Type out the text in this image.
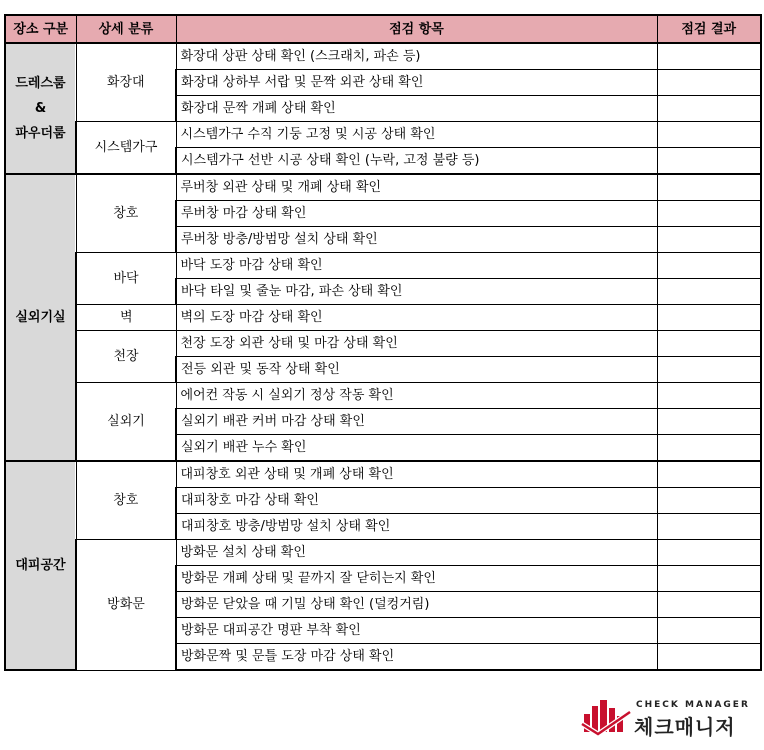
장소 구분	상세 분류	점검 항목	점검 결과
드레스룸
&
파우더룸	화장대	화장대 상판 상태 확인 (스크래치, 파손 등)	
		화장대 상하부 서랍 및 문짝 외관 상태 확인	
		화장대 문짝 개폐 상태 확인	
	시스템가구	시스템가구 수직 기둥 고정 및 시공 상태 확인	
		시스템가구 선반 시공 상태 확인 (누락, 고정 불량 등)	
실외기실	창호	루버창 외관 상태 및 개폐 상태 확인	
		루버창 마감 상태 확인	
		루버창 방충/방범망 설치 상태 확인	
	바닥	바닥 도장 마감 상태 확인	
		바닥 타일 및 줄눈 마감, 파손 상태 확인	
	벽	벽의 도장 마감 상태 확인	
	천장	천장 도장 외관 상태 및 마감 상태 확인	
		전등 외관 및 동작 상태 확인	
	실외기	에어컨 작동 시 실외기 정상 작동 확인	
		실외기 배관 커버 마감 상태 확인	
		실외기 배관 누수 확인	
대피공간	창호	대피창호 외관 상태 및 개폐 상태 확인	
		대피창호 마감 상태 확인	
		대피창호 방충/방범망 설치 상태 확인	
	방화문	방화문 설치 상태 확인	
		방화문 개폐 상태 및 끝까지 잘 닫히는지 확인	
		방화문 닫았을 때 기밀 상태 확인 (덜컹거림)	
		방화문 대피공간 명판 부착 확인	
		방화문짝 및 문틀 도장 마감 상태 확인	
CHECK MANAGER
체크매니저
